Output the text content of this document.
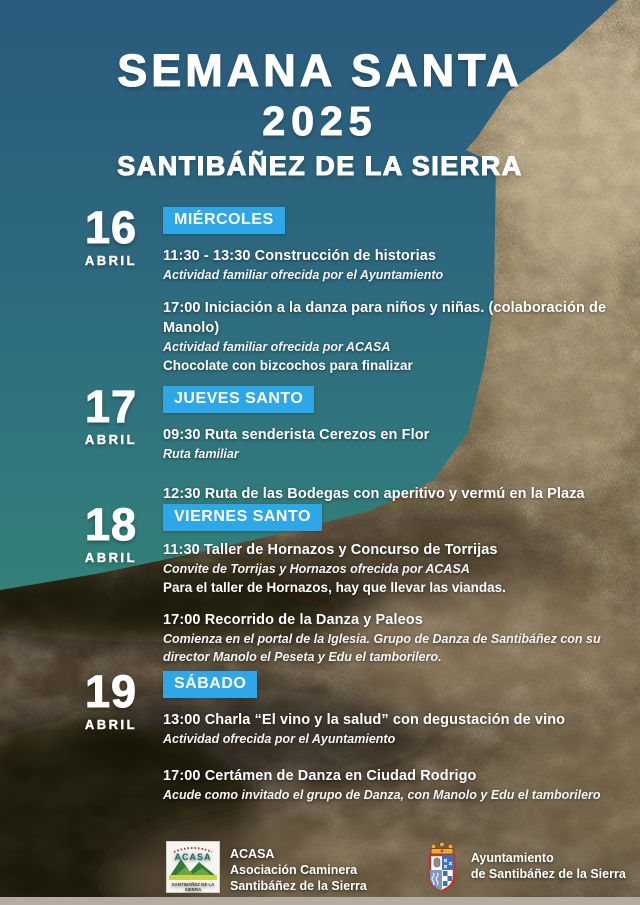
SEMANA SANTA
2025
SANTIBÁÑEZ DE LA SIERRA
16
ABRIL
MIÉRCOLES

11:30 - 13:30 Construcción de historias

Actividad familiar ofrecida por el Ayuntamiento

17:00 Iniciación a la danza para niños y niñas. (colaboración de Manolo)

Actividad familiar ofrecida por ACASA

Chocolate con bizcochos para finalizar

17
ABRIL
JUEVES SANTO

09:30 Ruta senderista Cerezos en Flor

Ruta familiar

12:30 Ruta de las Bodegas con aperitivo y vermú en la Plaza

18
ABRIL
VIERNES SANTO

11:30 Taller de Hornazos y Concurso de Torrijas

Convite de Torrijas y Hornazos ofrecida por ACASA

Para el taller de Hornazos, hay que llevar las viandas.

17:00 Recorrido de la Danza y Paleos

Comienza en el portal de la Iglesia. Grupo de Danza de Santibáñez con su director Manolo el Peseta y Edu el tamborilero.

19
ABRIL
SÁBADO

13:00 Charla “El vino y la salud” con degustación de vino

Actividad ofrecida por el Ayuntamiento

17:00 Certámen de Danza en Ciudad Rodrigo

Acude como invitado el grupo de Danza, con Manolo y Edu el tamborilero

ACASA
SANTIBÁÑEZ DE LA
SIERRA
ACASA
Asociación Caminera
Santibáñez de la Sierra
Ayuntamiento
de Santibáñez de la Sierra
